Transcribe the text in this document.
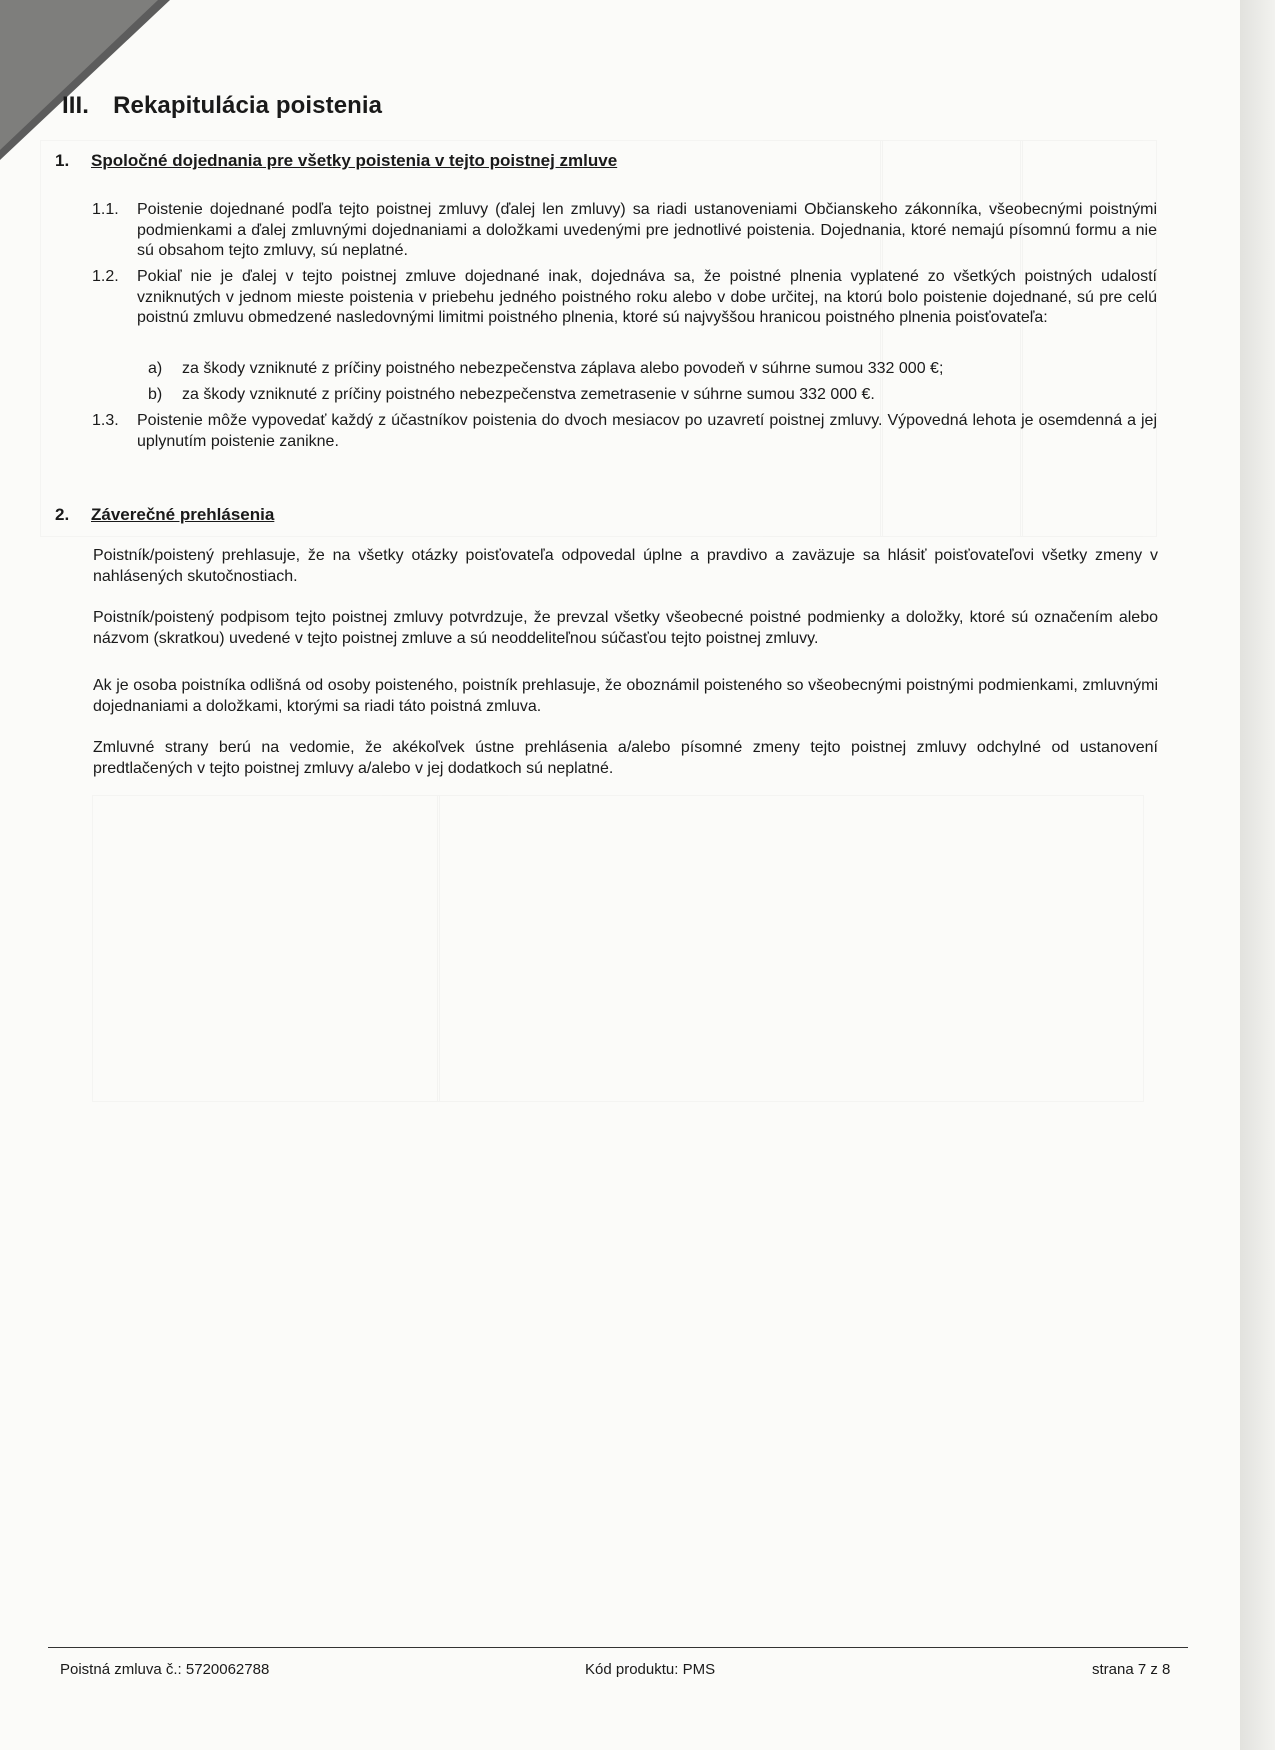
III. Rekapitulácia poistenia
1. Spoločné dojednania pre všetky poistenia v tejto poistnej zmluve
1.1. Poistenie dojednané podľa tejto poistnej zmluvy (ďalej len zmluvy) sa riadi ustanoveniami Občianskeho zákonníka, všeobecnými poistnými podmienkami a ďalej zmluvnými dojednaniami a doložkami uvedenými pre jednotlivé poistenia. Dojednania, ktoré nemajú písomnú formu a nie sú obsahom tejto zmluvy, sú neplatné.
1.2. Pokiaľ nie je ďalej v tejto poistnej zmluve dojednané inak, dojednáva sa, že poistné plnenia vyplatené zo všetkých poistných udalostí vzniknutých v jednom mieste poistenia v priebehu jedného poistného roku alebo v dobe určitej, na ktorú bolo poistenie dojednané, sú pre celú poistnú zmluvu obmedzené nasledovnými limitmi poistného plnenia, ktoré sú najvyššou hranicou poistného plnenia poisťovateľa:
a) za škody vzniknuté z príčiny poistného nebezpečenstva záplava alebo povodeň v súhrne sumou 332 000 €;
b) za škody vzniknuté z príčiny poistného nebezpečenstva zemetrasenie v súhrne sumou 332 000 €.
1.3. Poistenie môže vypovedať každý z účastníkov poistenia do dvoch mesiacov po uzavretí poistnej zmluvy. Výpovedná lehota je osemdenná a jej uplynutím poistenie zanikne.
2. Záverečné prehlásenia
Poistník/poistený prehlasuje, že na všetky otázky poisťovateľa odpovedal úplne a pravdivo a zaväzuje sa hlásiť poisťovateľovi všetky zmeny v nahlásených skutočnostiach.
Poistník/poistený podpisom tejto poistnej zmluvy potvrdzuje, že prevzal všetky všeobecné poistné podmienky a doložky, ktoré sú označením alebo názvom (skratkou) uvedené v tejto poistnej zmluve a sú neoddeliteľnou súčasťou tejto poistnej zmluvy.
Ak je osoba poistníka odlišná od osoby poisteného, poistník prehlasuje, že oboznámil poisteného so všeobecnými poistnými podmienkami, zmluvnými dojednaniami a doložkami, ktorými sa riadi táto poistná zmluva.
Zmluvné strany berú na vedomie, že akékoľvek ústne prehlásenia a/alebo písomné zmeny tejto poistnej zmluvy odchylné od ustanovení predtlačených v tejto poistnej zmluvy a/alebo v jej dodatkoch sú neplatné.
Poistná zmluva č.: 5720062788	Kód produktu: PMS	strana 7 z 8
